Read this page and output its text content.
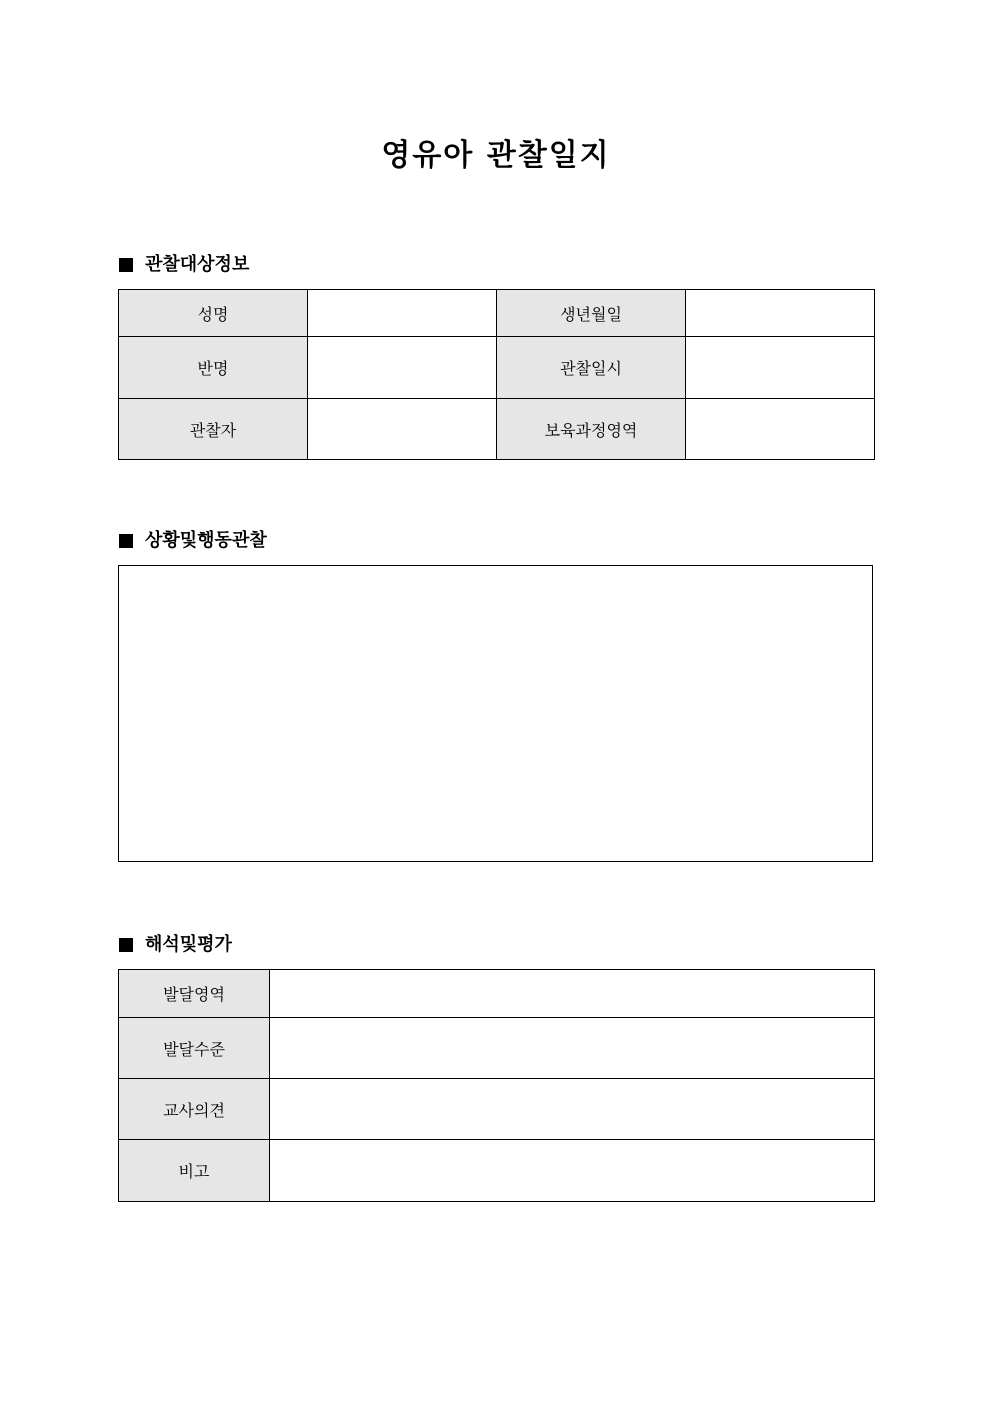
영유아 관찰일지
관찰대상정보
성명		생년월일	
반명		관찰일시	
관찰자		보육과정영역	
상황및행동관찰
해석및평가
발달영역	
발달수준	
교사의견	
비고	
